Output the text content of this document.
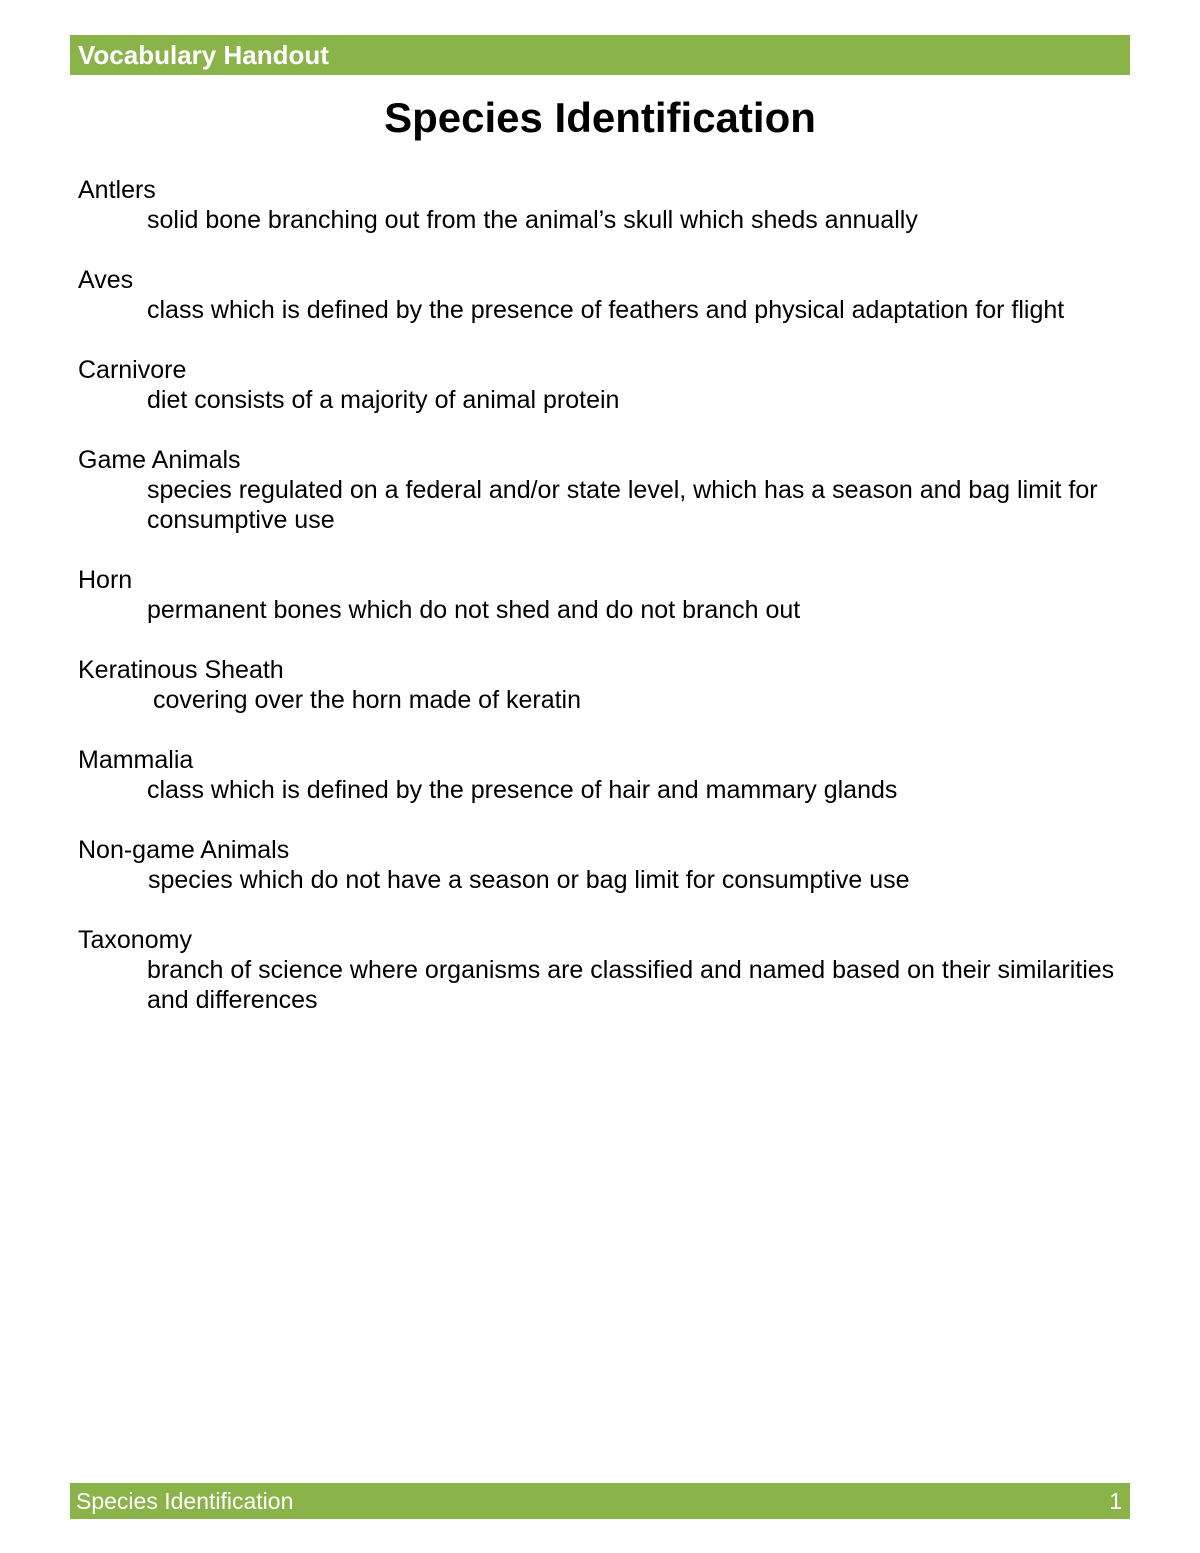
Vocabulary Handout
Species Identification
Antlers
solid bone branching out from the animal’s skull which sheds annually
Aves
class which is defined by the presence of feathers and physical adaptation for flight
Carnivore
diet consists of a majority of animal protein
Game Animals
species regulated on a federal and/or state level, which has a season and bag limit for consumptive use
Horn
permanent bones which do not shed and do not branch out
Keratinous Sheath
covering over the horn made of keratin
Mammalia
class which is defined by the presence of hair and mammary glands
Non-game Animals
species which do not have a season or bag limit for consumptive use
Taxonomy
branch of science where organisms are classified and named based on their similarities and differences
Species Identification	1
